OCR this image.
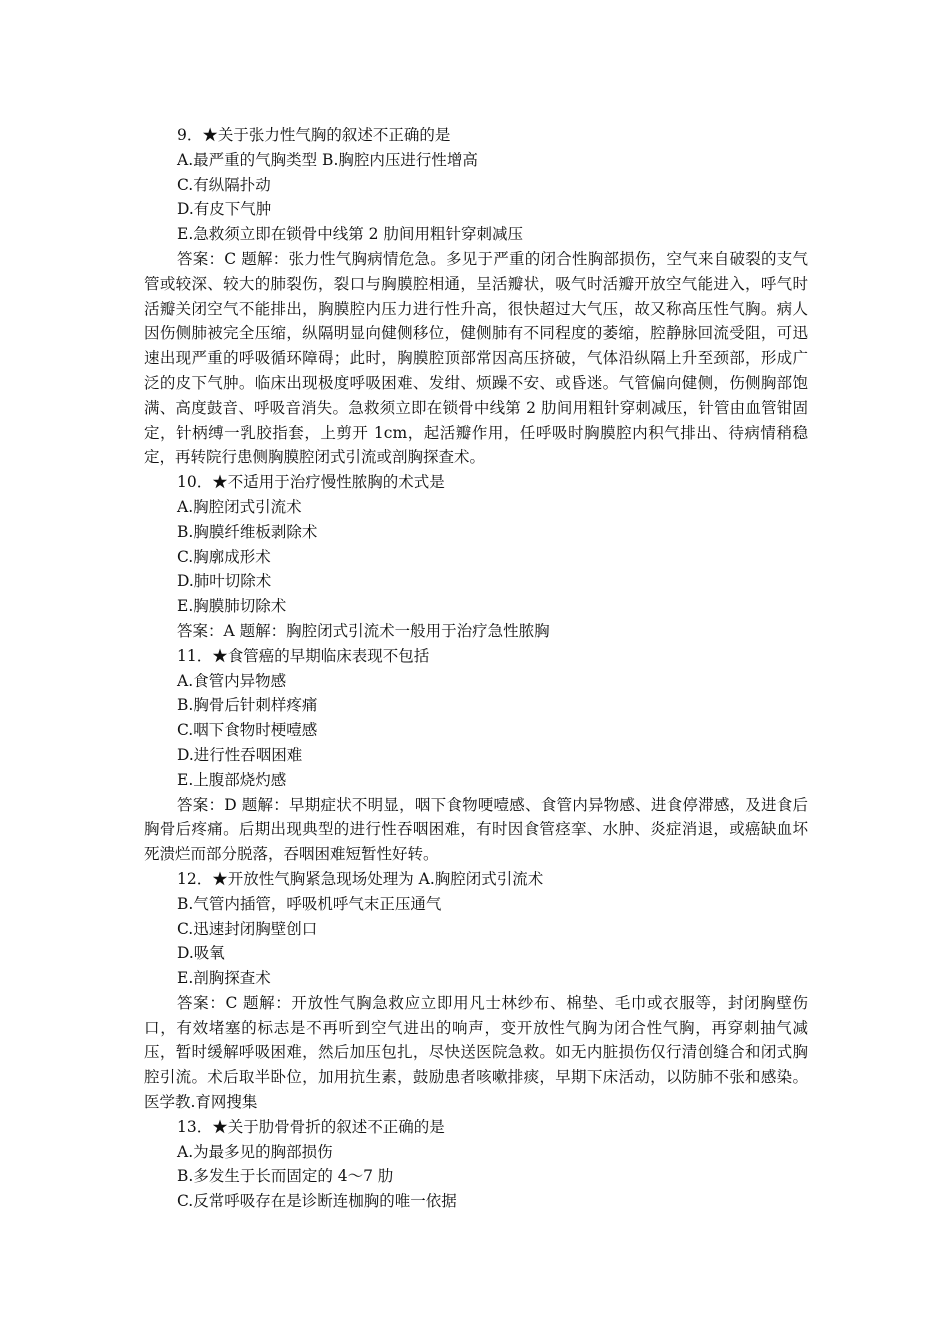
9．★关于张力性气胸的叙述不正确的是

A.最严重的气胸类型 B.胸腔内压进行性增高

C.有纵隔扑动

D.有皮下气肿

E.急救须立即在锁骨中线第 2 肋间用粗针穿刺减压

答案：C 题解：张力性气胸病情危急。多见于严重的闭合性胸部损伤，空气来自破裂的支气管或较深、较大的肺裂伤，裂口与胸膜腔相通，呈活瓣状，吸气时活瓣开放空气能进入，呼气时活瓣关闭空气不能排出，胸膜腔内压力进行性升高，很快超过大气压，故又称高压性气胸。病人因伤侧肺被完全压缩，纵隔明显向健侧移位，健侧肺有不同程度的萎缩，腔静脉回流受阻，可迅速出现严重的呼吸循环障碍；此时，胸膜腔顶部常因高压挤破，气体沿纵隔上升至颈部，形成广泛的皮下气肿。临床出现极度呼吸困难、发绀、烦躁不安、或昏迷。气管偏向健侧，伤侧胸部饱满、高度鼓音、呼吸音消失。急救须立即在锁骨中线第 2 肋间用粗针穿刺减压，针管由血管钳固定，针柄缚一乳胶指套，上剪开 1cm，起活瓣作用，任呼吸时胸膜腔内积气排出、待病情稍稳定，再转院行患侧胸膜腔闭式引流或剖胸探查术。

10．★不适用于治疗慢性脓胸的术式是

A.胸腔闭式引流术

B.胸膜纤维板剥除术

C.胸廓成形术

D.肺叶切除术

E.胸膜肺切除术

答案：A 题解：胸腔闭式引流术一般用于治疗急性脓胸

11．★食管癌的早期临床表现不包括

A.食管内异物感

B.胸骨后针刺样疼痛

C.咽下食物时梗噎感

D.进行性吞咽困难

E.上腹部烧灼感

答案：D 题解：早期症状不明显，咽下食物哽噎感、食管内异物感、进食停滞感，及进食后胸骨后疼痛。后期出现典型的进行性吞咽困难，有时因食管痉挛、水肿、炎症消退，或癌缺血坏死溃烂而部分脱落，吞咽困难短暂性好转。

12．★开放性气胸紧急现场处理为 A.胸腔闭式引流术

B.气管内插管，呼吸机呼气末正压通气

C.迅速封闭胸壁创口

D.吸氧

E.剖胸探查术

答案：C 题解：开放性气胸急救应立即用凡士林纱布、棉垫、毛巾或衣服等，封闭胸壁伤口，有效堵塞的标志是不再听到空气进出的响声，变开放性气胸为闭合性气胸，再穿刺抽气减压，暂时缓解呼吸困难，然后加压包扎，尽快送医院急救。如无内脏损伤仅行清创缝合和闭式胸腔引流。术后取半卧位，加用抗生素，鼓励患者咳嗽排痰，早期下床活动，以防肺不张和感染。 医学教.育网搜集

13．★关于肋骨骨折的叙述不正确的是

A.为最多见的胸部损伤

B.多发生于长而固定的 4～7 肋

C.反常呼吸存在是诊断连枷胸的唯一依据
